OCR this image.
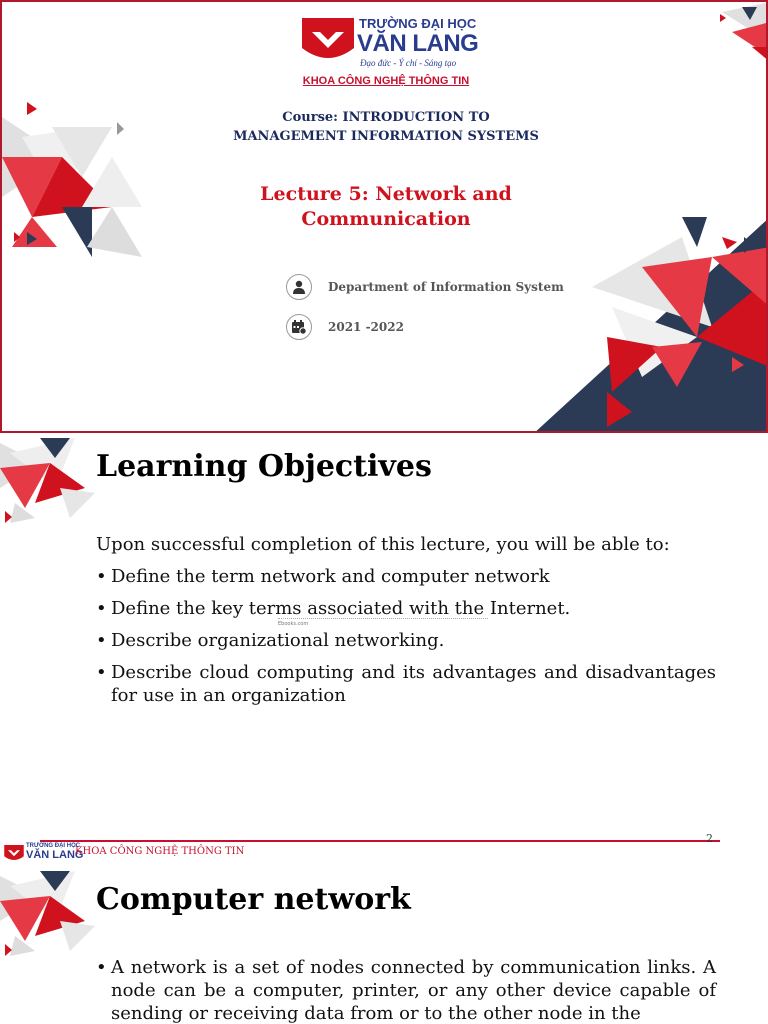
TRƯỜNG ĐẠI HỌC
VĂN LANG
Đạo đức - Ý chí - Sáng tạo
KHOA CÔNG NGHỆ THÔNG TIN
Course: INTRODUCTION TO
MANAGEMENT INFORMATION SYSTEMS
Lecture 5: Network and
Communication
Department of Information System
2021 -2022
Learning Objectives
Upon successful completion of this lecture, you will be able to:
• Define the term network and computer network
• Define the key terms associated with the Internet.
• Describe organizational networking.
• Describe cloud computing and its advantages and disadvantages for use in an organization
Ebooks.com
2
TRƯỜNG ĐẠI HỌC
VĂN LANG
KHOA CÔNG NGHỆ THÔNG TIN
Computer network
• A network is a set of nodes connected by communication links. A node can be a computer, printer, or any other device capable of sending or receiving data from or to the other node in the
